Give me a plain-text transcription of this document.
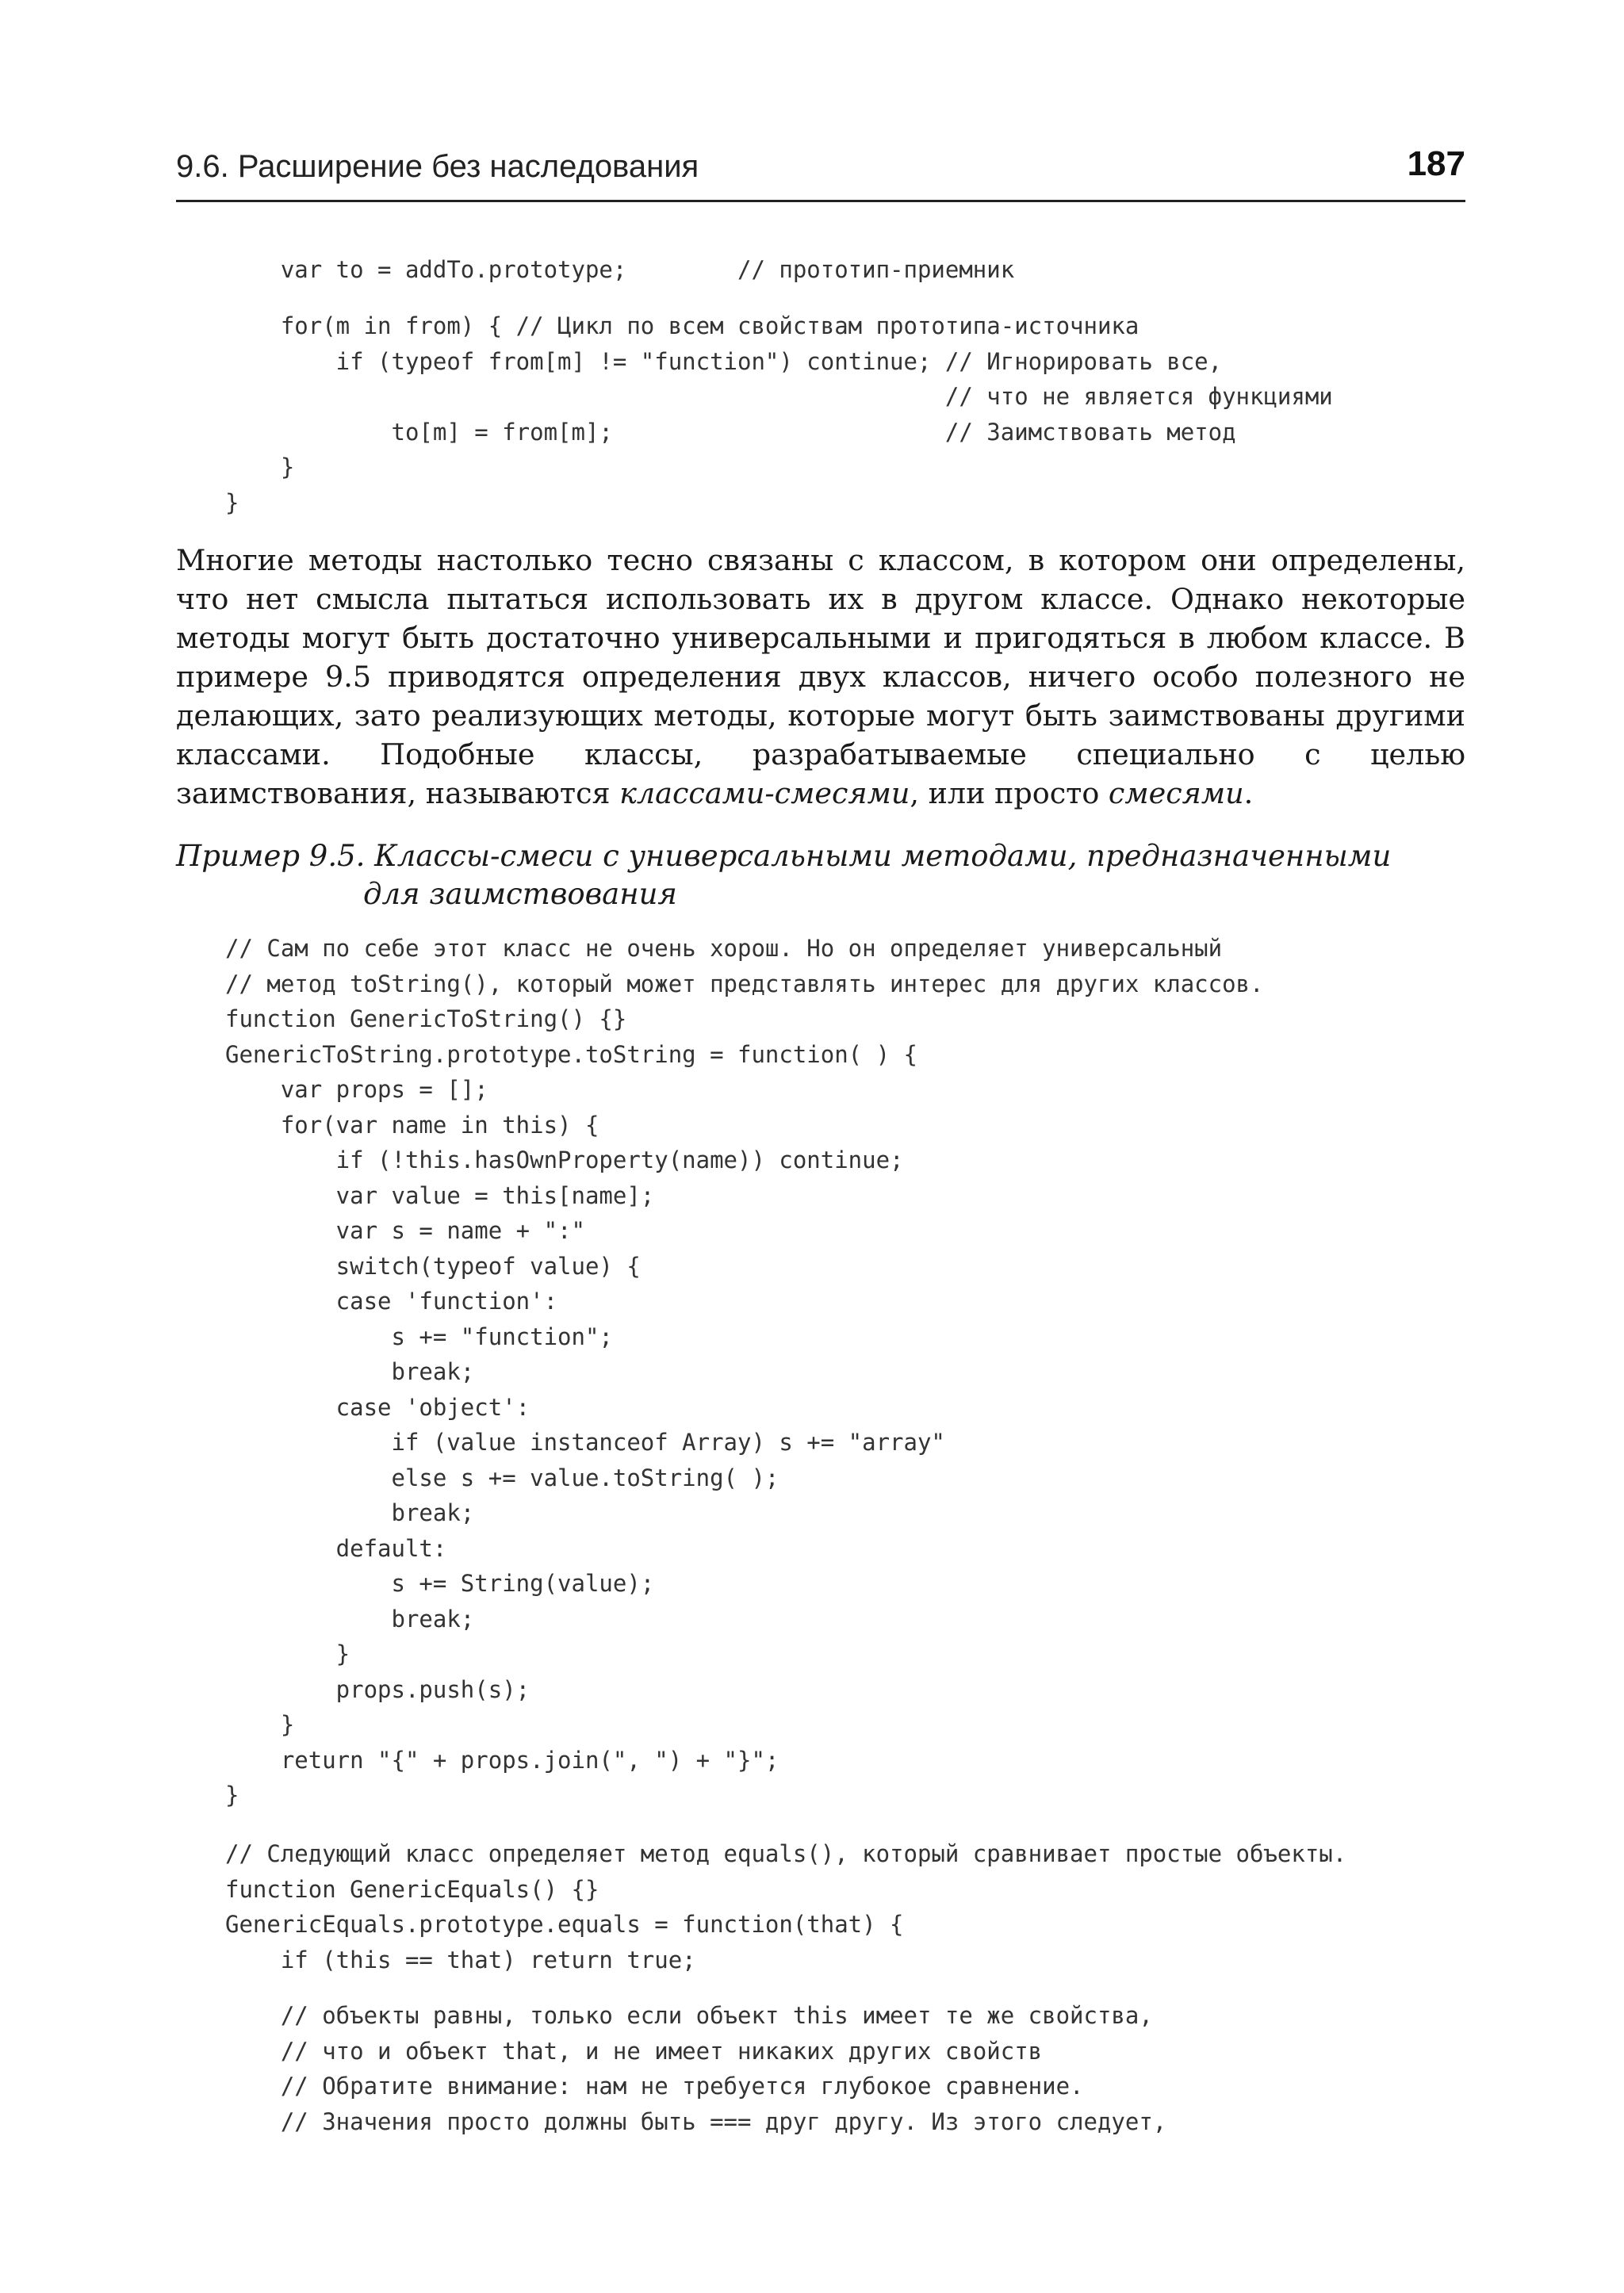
9.6. Расширение без наследования	187
var to = addTo.prototype;        // прототип-приемник
for(m in from) { // Цикл по всем свойствам прототипа-источника
if (typeof from[m] != "function") continue; // Игнорировать все,
// что не является функциями
to[m] = from[m];                        // Заимствовать метод
}
}

Многие методы настолько тесно связаны с классом, в котором они определены, что нет смысла пытаться использовать их в другом классе. Однако некоторые методы могут быть достаточно универсальными и пригодяться в любом классе. В примере 9.5 приводятся определения двух классов, ничего особо полезного не делающих, зато реализующих методы, которые могут быть заимствованы другими классами. Подобные классы, разрабатываемые специально с целью заимствования, называются классами-смесями, или просто смесями.

Пример 9.5. Классы-смеси с универсальными методами, предназначенными
для заимствования
// Сам по себе этот класс не очень хорош. Но он определяет универсальный
// метод toString(), который может представлять интерес для других классов.
function GenericToString() {}
GenericToString.prototype.toString = function( ) {
var props = [];
for(var name in this) {
if (!this.hasOwnProperty(name)) continue;
var value = this[name];
var s = name + ":"
switch(typeof value) {
case 'function':
s += "function";
break;
case 'object':
if (value instanceof Array) s += "array"
else s += value.toString( );
break;
default:
s += String(value);
break;
}
props.push(s);
}
return "{" + props.join(", ") + "}";
}
// Следующий класс определяет метод equals(), который сравнивает простые объекты.
function GenericEquals() {}
GenericEquals.prototype.equals = function(that) {
if (this == that) return true;
// объекты равны, только если объект this имеет те же свойства,
// что и объект that, и не имеет никаких других свойств
// Обратите внимание: нам не требуется глубокое сравнение.
// Значения просто должны быть === друг другу. Из этого следует,
